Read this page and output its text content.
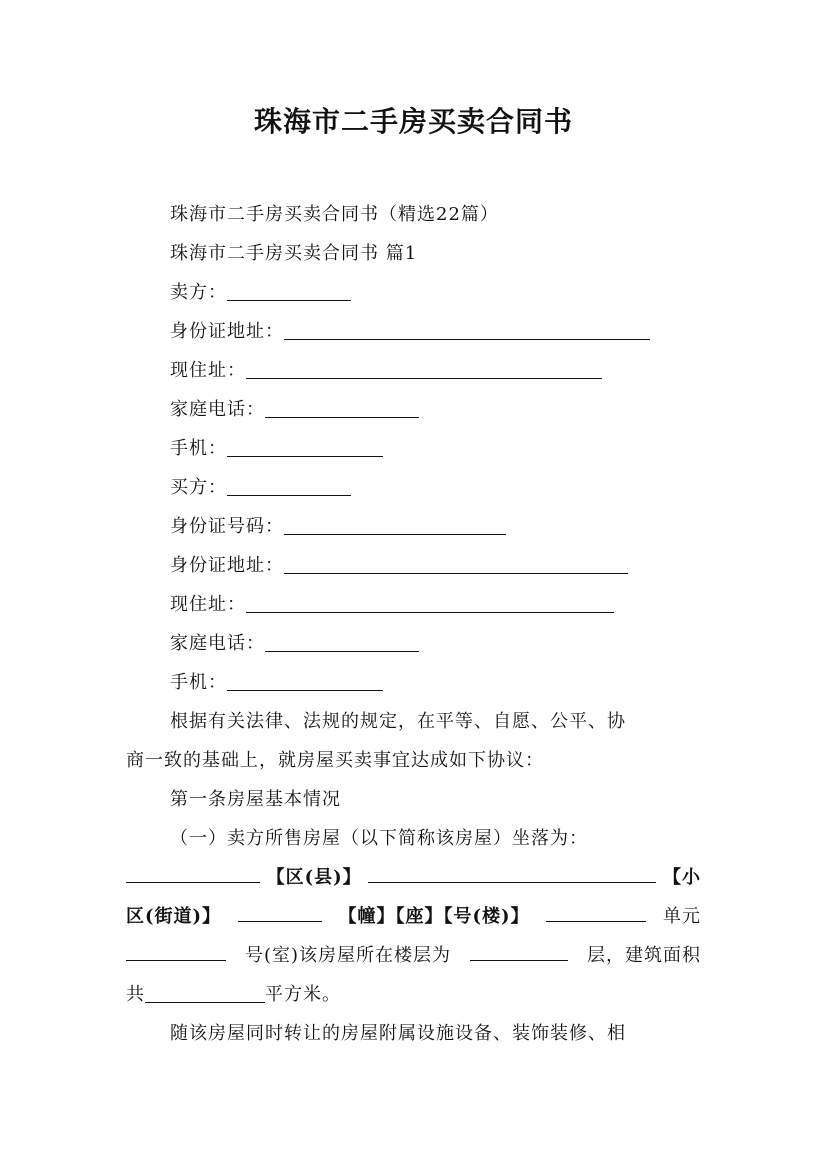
珠海市二手房买卖合同书
珠海市二手房买卖合同书（精选22篇）
珠海市二手房买卖合同书 篇1
卖方：
身份证地址：
现住址：
家庭电话：
手机：
买方：
身份证号码：
身份证地址：
现住址：
家庭电话：
手机：
根据有关法律、法规的规定，在平等、自愿、公平、协
商一致的基础上，就房屋买卖事宜达成如下协议：
第一条房屋基本情况
（一）卖方所售房屋（以下简称该房屋）坐落为：
【区(县)】	【小
区(街道)】	【幢】【座】【号(楼)】	单元
号(室)该房屋所在楼层为	层，建筑面积
共	平方米。
随该房屋同时转让的房屋附属设施设备、装饰装修、相
